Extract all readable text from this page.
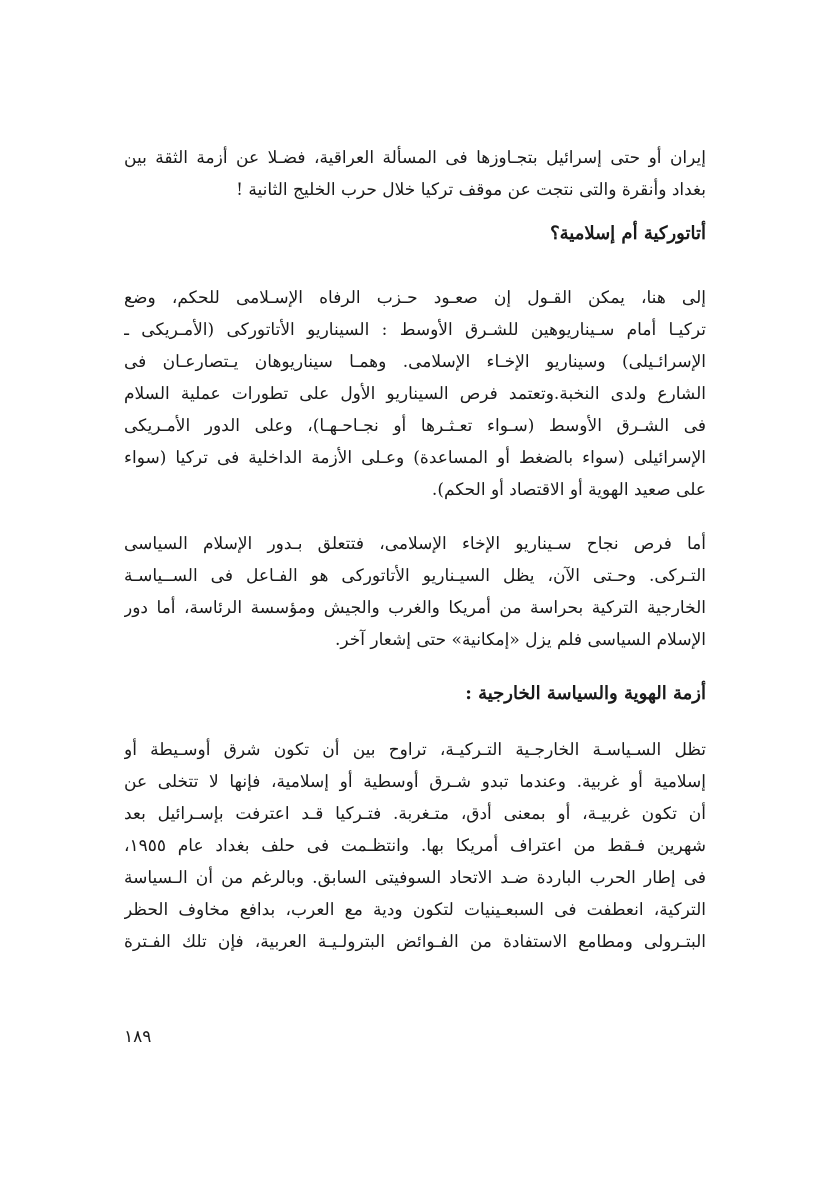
إيران أو حتى إسرائيل بتجـاوزها فى المسألة العراقية، فضـلا عن أزمة الثقة بين
بغداد وأنقرة والتى نتجت عن موقف تركيا خلال حرب الخليج الثانية !
أتاتوركية أم إسلامية؟
إلى هنا، يمكن القـول إن صعـود حـزب الرفاه الإسـلامى للحكم، وضع
تركيـا أمام سـيناريوهين للشـرق الأوسط : السيناريو الأتاتوركى (الأمـريكى ـ
الإسرائـيلى) وسيناريو الإخـاء الإسلامى. وهمـا سيناريوهان يـتصارعـان فى
الشارع ولدى النخبة.وتعتمد فرص السيناريو الأول على تطورات عملية السلام
فى الشـرق الأوسط (سـواء تعـثـرها أو نجـاحـهـا)، وعلى الدور الأمـريكى
الإسرائيلى (سواء بالضغط أو المساعدة) وعـلى الأزمة الداخلية فى تركيا (سواء
على صعيد الهوية أو الاقتصاد أو الحكم).
أما فرص نجاح سـيناريو الإخاء الإسلامى، فتتعلق بـدور الإسلام السياسى
التـركى. وحـتى الآن، يظل السيـناريو الأتاتوركى هو الفـاعل فى الســياسـة
الخارجية التركية بحراسة من أمريكا والغرب والجيش ومؤسسة الرئاسة، أما دور
الإسلام السياسى فلم يزل «إمكانية» حتى إشعار آخر.
أزمة الهوية والسياسة الخارجية :
تظل السـياسـة الخارجـية التـركيـة، تراوح بين أن تكون شرق أوسـيطة أو
إسلامية أو غربية. وعندما تبدو شـرق أوسطية أو إسلامية، فإنها لا تتخلى عن
أن تكون غربيـة، أو بمعنى أدق، متـغربة. فتـركيا قـد اعترفت بإسـرائيل بعد
شهرين فـقط من اعتراف أمريكا بها. وانتظـمت فى حلف بغداد عام ١٩٥٥،
فى إطار الحرب الباردة ضـد الاتحاد السوفيتى السابق. وبالرغم من أن الـسياسة
التركية، انعطفت فى السبعـينيات لتكون ودية مع العرب، بدافع مخاوف الحظر
البتـرولى ومطامع الاستفادة من الفـوائض البترولـيـة العربية، فإن تلك الفـترة
١٨٩
